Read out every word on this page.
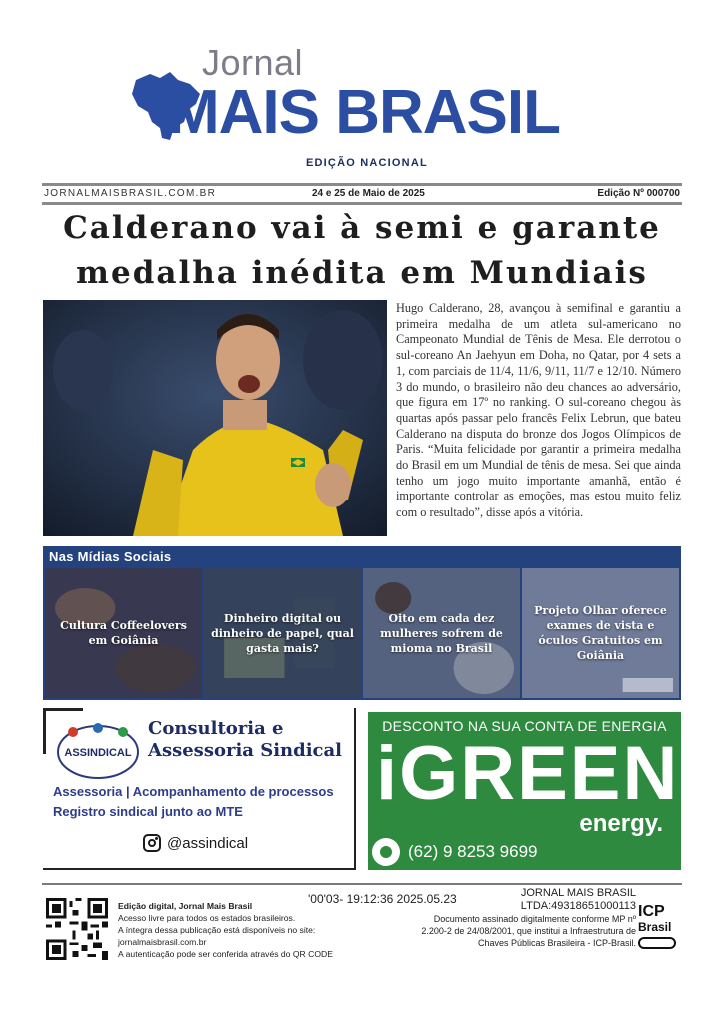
Jornal
MAIS BRASIL
EDIÇÃO NACIONAL
JORNALMAISBRASIL.COM.BR	24 e 25 de Maio de 2025	Edição Nº 000700
Calderano vai à semi e garante
medalha inédita em Mundiais
Hugo Calderano, 28, avançou à semifinal e garantiu a primeira medalha de um atleta sul-americano no Campeonato Mundial de Tênis de Mesa. Ele derrotou o sul-coreano An Jaehyun em Doha, no Qatar, por 4 sets a 1, com parciais de 11/4, 11/6, 9/11, 11/7 e 12/10. Número 3 do mundo, o brasileiro não deu chances ao adversário, que figura em 17º no ranking. O sul-coreano chegou às quartas após passar pelo francês Felix Lebrun, que bateu Calderano na disputa do bronze dos Jogos Olímpicos de Paris. “Muita felicidade por garantir a primeira medalha do Brasil em um Mundial de tênis de mesa. Sei que ainda tenho um jogo muito importante amanhã, então é importante controlar as emoções, mas estou muito feliz com o resultado”, disse após a vitória.
Nas Mídias Sociais
Cultura Coffeelovers em Goiânia
Dinheiro digital ou dinheiro de papel, qual gasta mais?
Oito em cada dez mulheres sofrem de mioma no Brasil
Projeto Olhar oferece exames de vista e óculos Gratuitos em Goiânia
ASSINDICAL
Consultoria e
Assessoria Sindical
Assessoria | Acompanhamento de processos
Registro sindical junto ao MTE
@assindical
DESCONTO NA SUA CONTA DE ENERGIA
iGREEN
energy.
(62) 9 8253 9699
Edição digital, Jornal Mais Brasil
Acesso livre para todos os estados brasileiros.
A íntegra dessa publicação está disponíveis no site:
jornalmaisbrasil.com.br
A autenticação pode ser conferida através do QR CODE
'00'03- 19:12:36 2025.05.23	JORNAL MAIS BRASIL
LTDA:49318651000113
Documento assinado digitalmente conforme MP nº
2.200-2 de 24/08/2001, que institui a Infraestrutura de
Chaves Públicas Brasileira - ICP-Brasil.
ICP
Brasil
